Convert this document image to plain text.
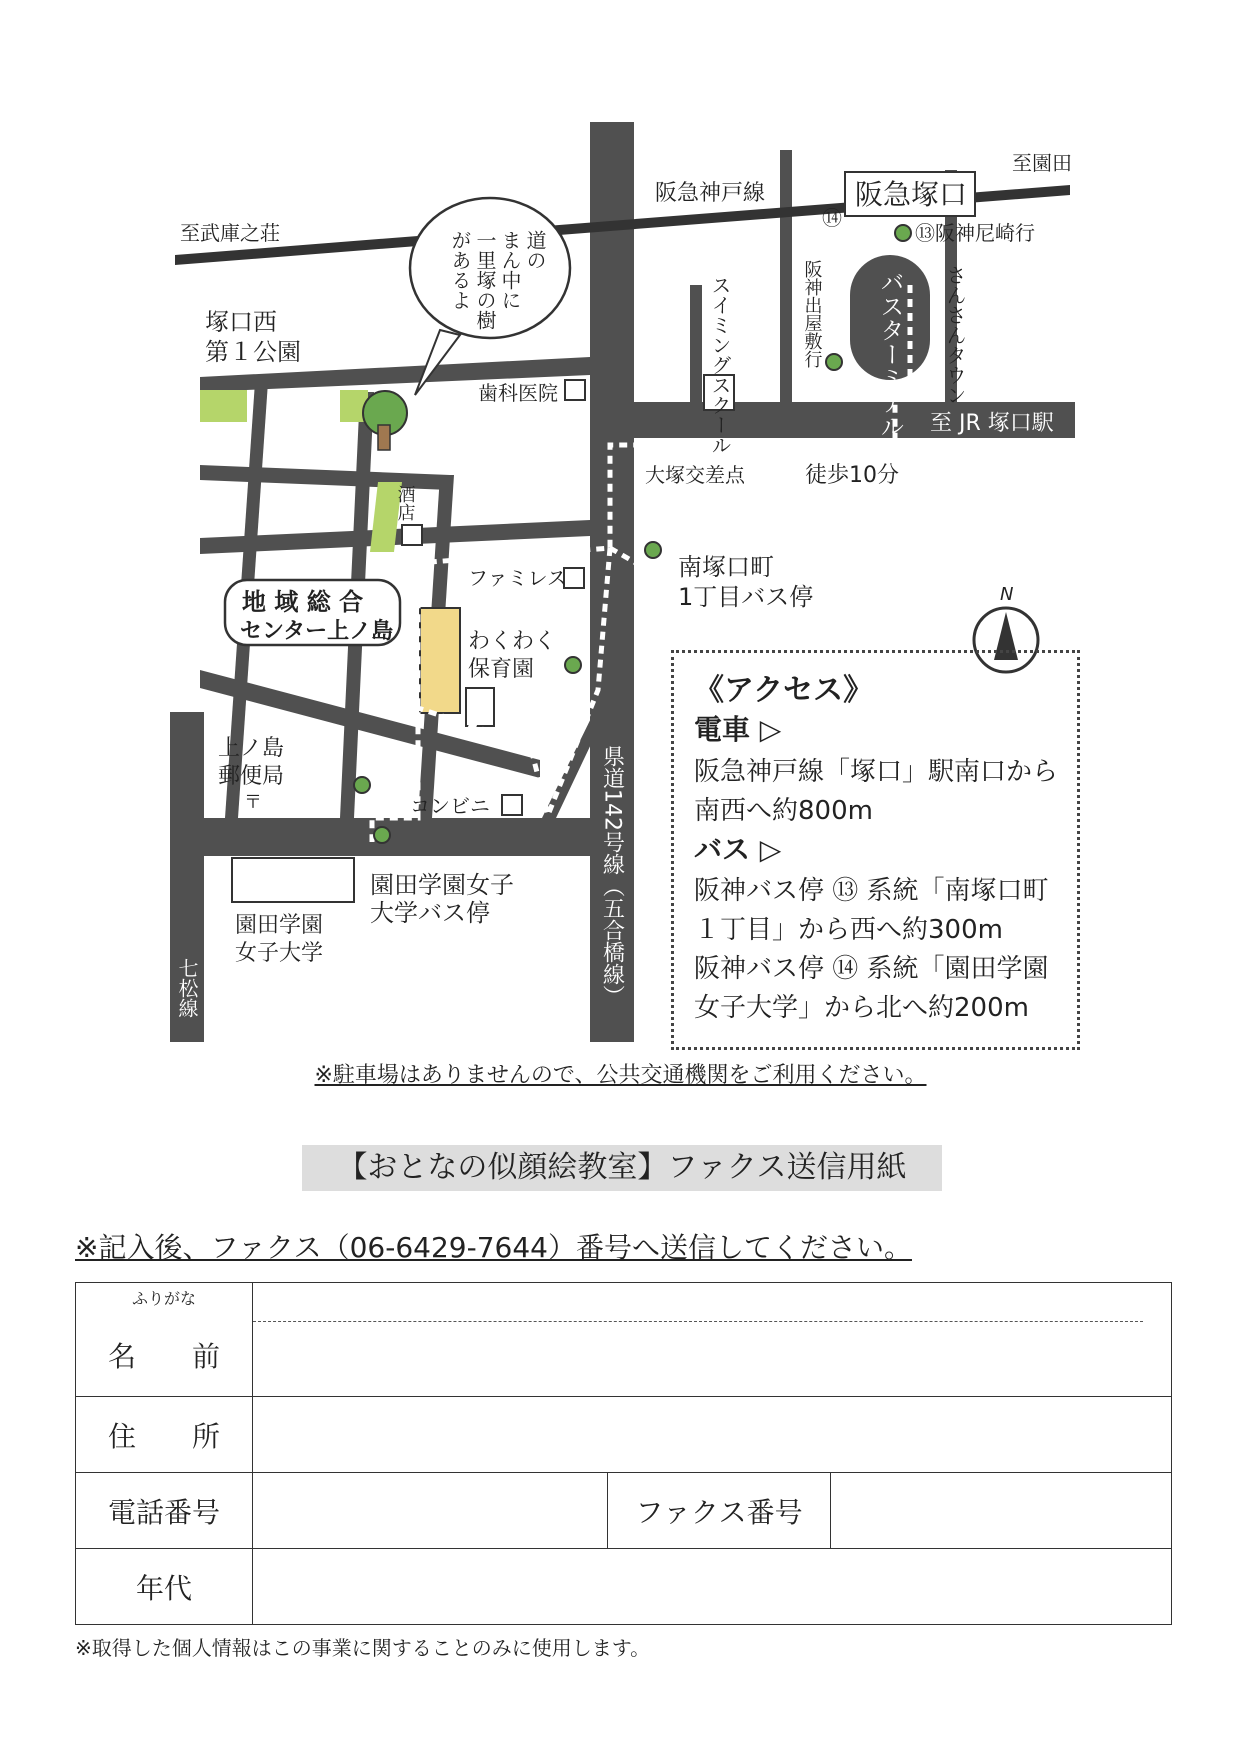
至武庫之荘
至園田
阪急神戸線	阪急塚口
⑬阪神尼崎行
⑭
阪神出屋敷行 バスターミナル さんさんタウン
スイミングスクール
道の
まん中に
一里塚の樹
があるよ
塚口西
第１公園
歯科医院
至 JR 塚口駅
大塚交差点	徒歩10分
酒店
ファミレス	南塚口町
1丁目バス停
地 域 総 合
センター上ノ島	わくわく
保育園
上ノ島
郵便局
〒	コンビニ
園田学園女子
大学バス停
園田学園
女子大学	県道142号線（五合橋線）
七松線
N
《アクセス》
電車 ▷
阪急神戸線「塚口」駅南口から
南西へ約800m
バス ▷
阪神バス停 ⑬ 系統「南塚口町
１丁目」から西へ約300m
阪神バス停 ⑭ 系統「園田学園
女子大学」から北へ約200m
※駐車場はありませんので、公共交通機関をご利用ください。
【おとなの似顔絵教室】ファクス送信用紙
※記入後、ファクス（06-6429-7644）番号へ送信してください。
ふりがな
名　　前			

住　　所			
電話番号		ファクス番号	
年代			
※取得した個人情報はこの事業に関することのみに使用します。
